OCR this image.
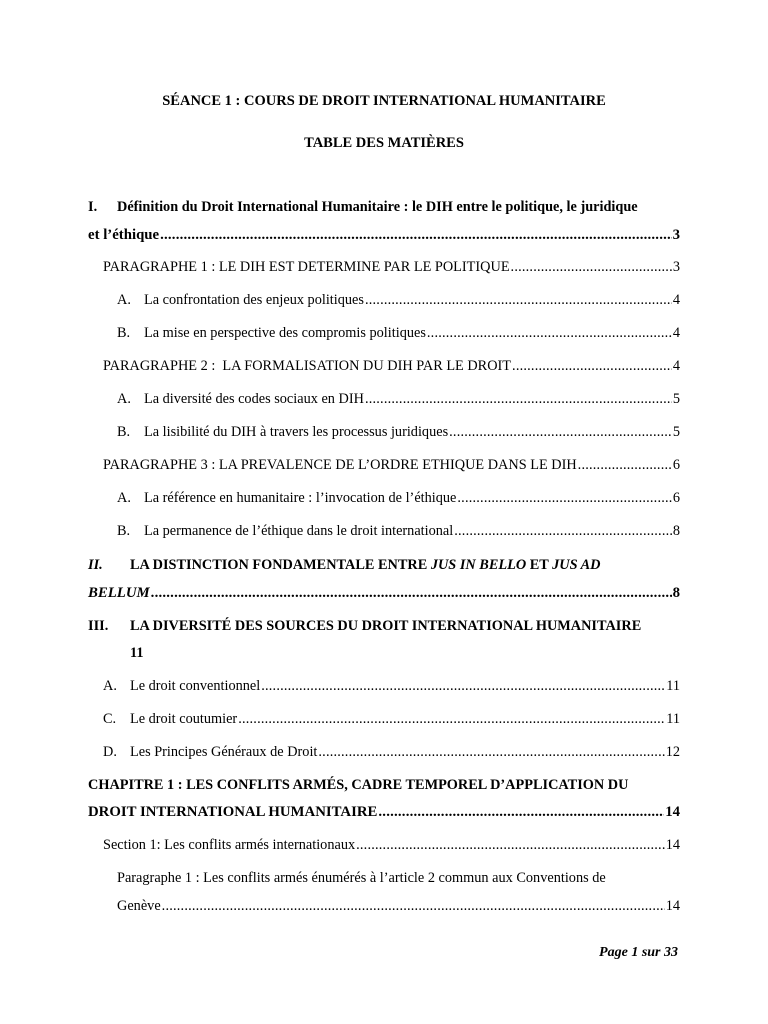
SÉANCE 1 : COURS DE DROIT INTERNATIONAL HUMANITAIRE
TABLE DES MATIÈRES
I. Définition du Droit International Humanitaire : le DIH entre le politique, le juridique
et l’éthique .....	3
PARAGRAPHE 1 : LE DIH EST DETERMINE PAR LE POLITIQUE .....	3
A. La confrontation des enjeux politiques .....	4
B. La mise en perspective des compromis politiques .....	4
PARAGRAPHE 2 :  LA FORMALISATION DU DIH PAR LE DROIT .....	4
A. La diversité des codes sociaux en DIH .....	5
B. La lisibilité du DIH à travers les processus juridiques .....	5
PARAGRAPHE 3 : LA PREVALENCE DE L’ORDRE ETHIQUE DANS LE DIH .....	6
A. La référence en humanitaire : l’invocation de l’éthique .....	6
B. La permanence de l’éthique dans le droit international .....	8
II. LA DISTINCTION FONDAMENTALE ENTRE JUS IN BELLO ET JUS AD
BELLUM .....	8
III. LA DIVERSITÉ DES SOURCES DU DROIT INTERNATIONAL HUMANITAIRE
11
A. Le droit conventionnel .....	11
C. Le droit coutumier .....	11
D. Les Principes Généraux de Droit .....	12
CHAPITRE 1 : LES CONFLITS ARMÉS, CADRE TEMPOREL D’APPLICATION DU
DROIT INTERNATIONAL HUMANITAIRE .....	14
Section 1: Les conflits armés internationaux .....	14
Paragraphe 1 : Les conflits armés énumérés à l’article 2 commun aux Conventions de
Genève .....	14
Page 1 sur 33
